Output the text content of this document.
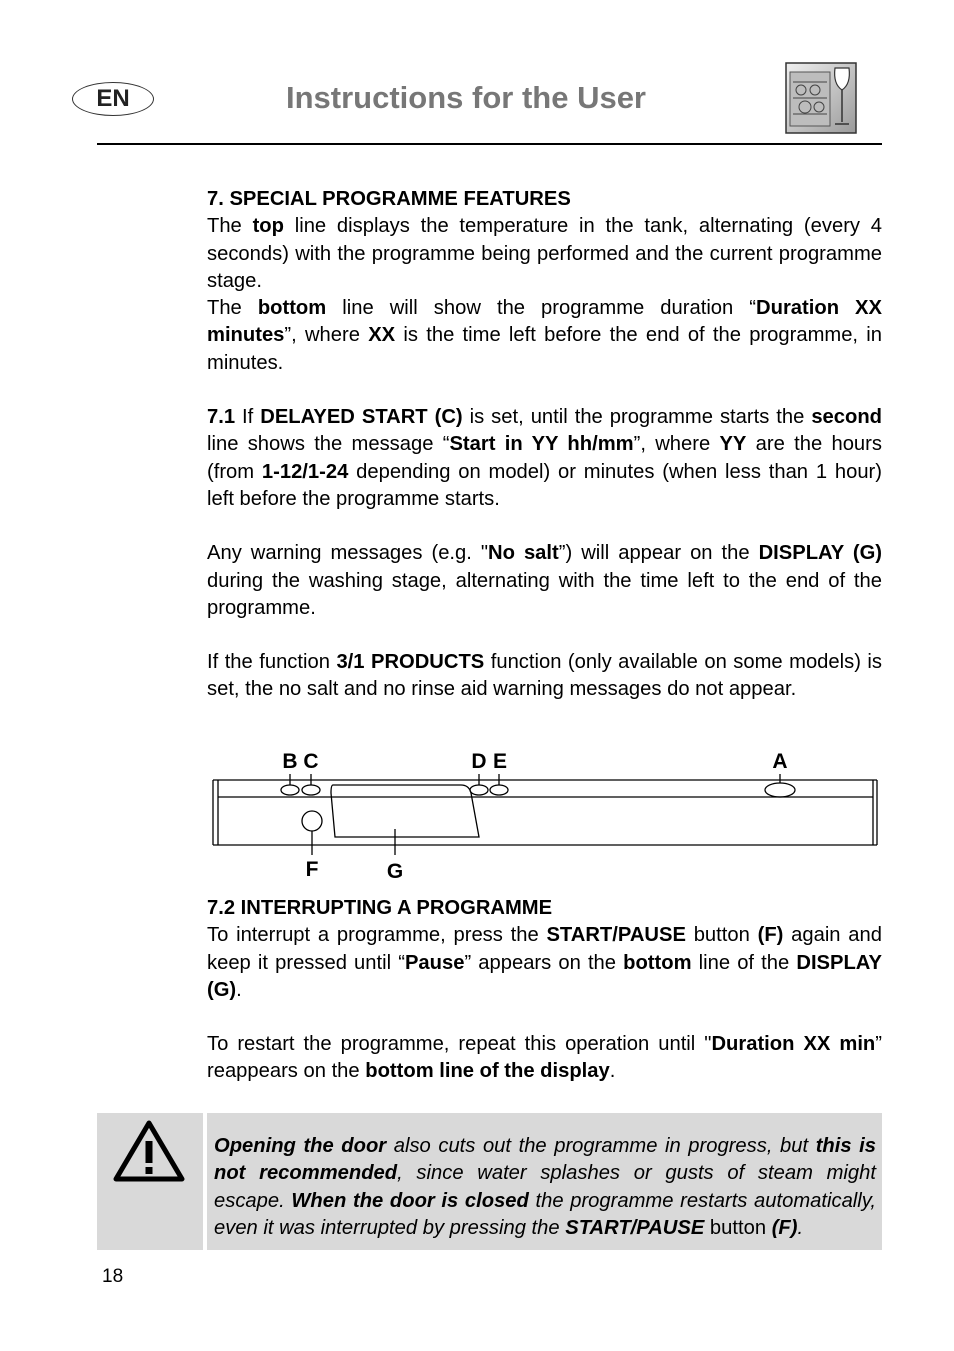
EN	Instructions for the User

7. SPECIAL PROGRAMME FEATURES

The top line displays the temperature in the tank, alternating (every 4 seconds) with the programme being performed and the current programme stage.

The bottom line will show the programme duration “Duration XX minutes”, where XX is the time left before the end of the programme, in minutes.

7.1 If DELAYED START (C) is set, until the programme starts the second line shows the message “Start in YY hh/mm”, where YY are the hours (from 1-12/1-24 depending on model) or minutes (when less than 1 hour) left before the programme starts.

Any warning messages (e.g. "No salt”) will appear on the DISPLAY (G) during the washing stage, alternating with the time left to the end of the programme.

If the function 3/1 PRODUCTS function (only available on some models) is set, the no salt and no rinse aid warning messages do not appear.

B C	D E	A
F	G

7.2 INTERRUPTING A PROGRAMME

To interrupt a programme, press the START/PAUSE button (F) again and keep it pressed until “Pause” appears on the bottom line of the DISPLAY (G).

To restart the programme, repeat this operation until "Duration XX min” reappears on the bottom line of the display.

Opening the door also cuts out the programme in progress, but this is not recommended, since water splashes or gusts of steam might escape. When the door is closed the programme restarts automatically, even it was interrupted by pressing the START/PAUSE button (F).

18
